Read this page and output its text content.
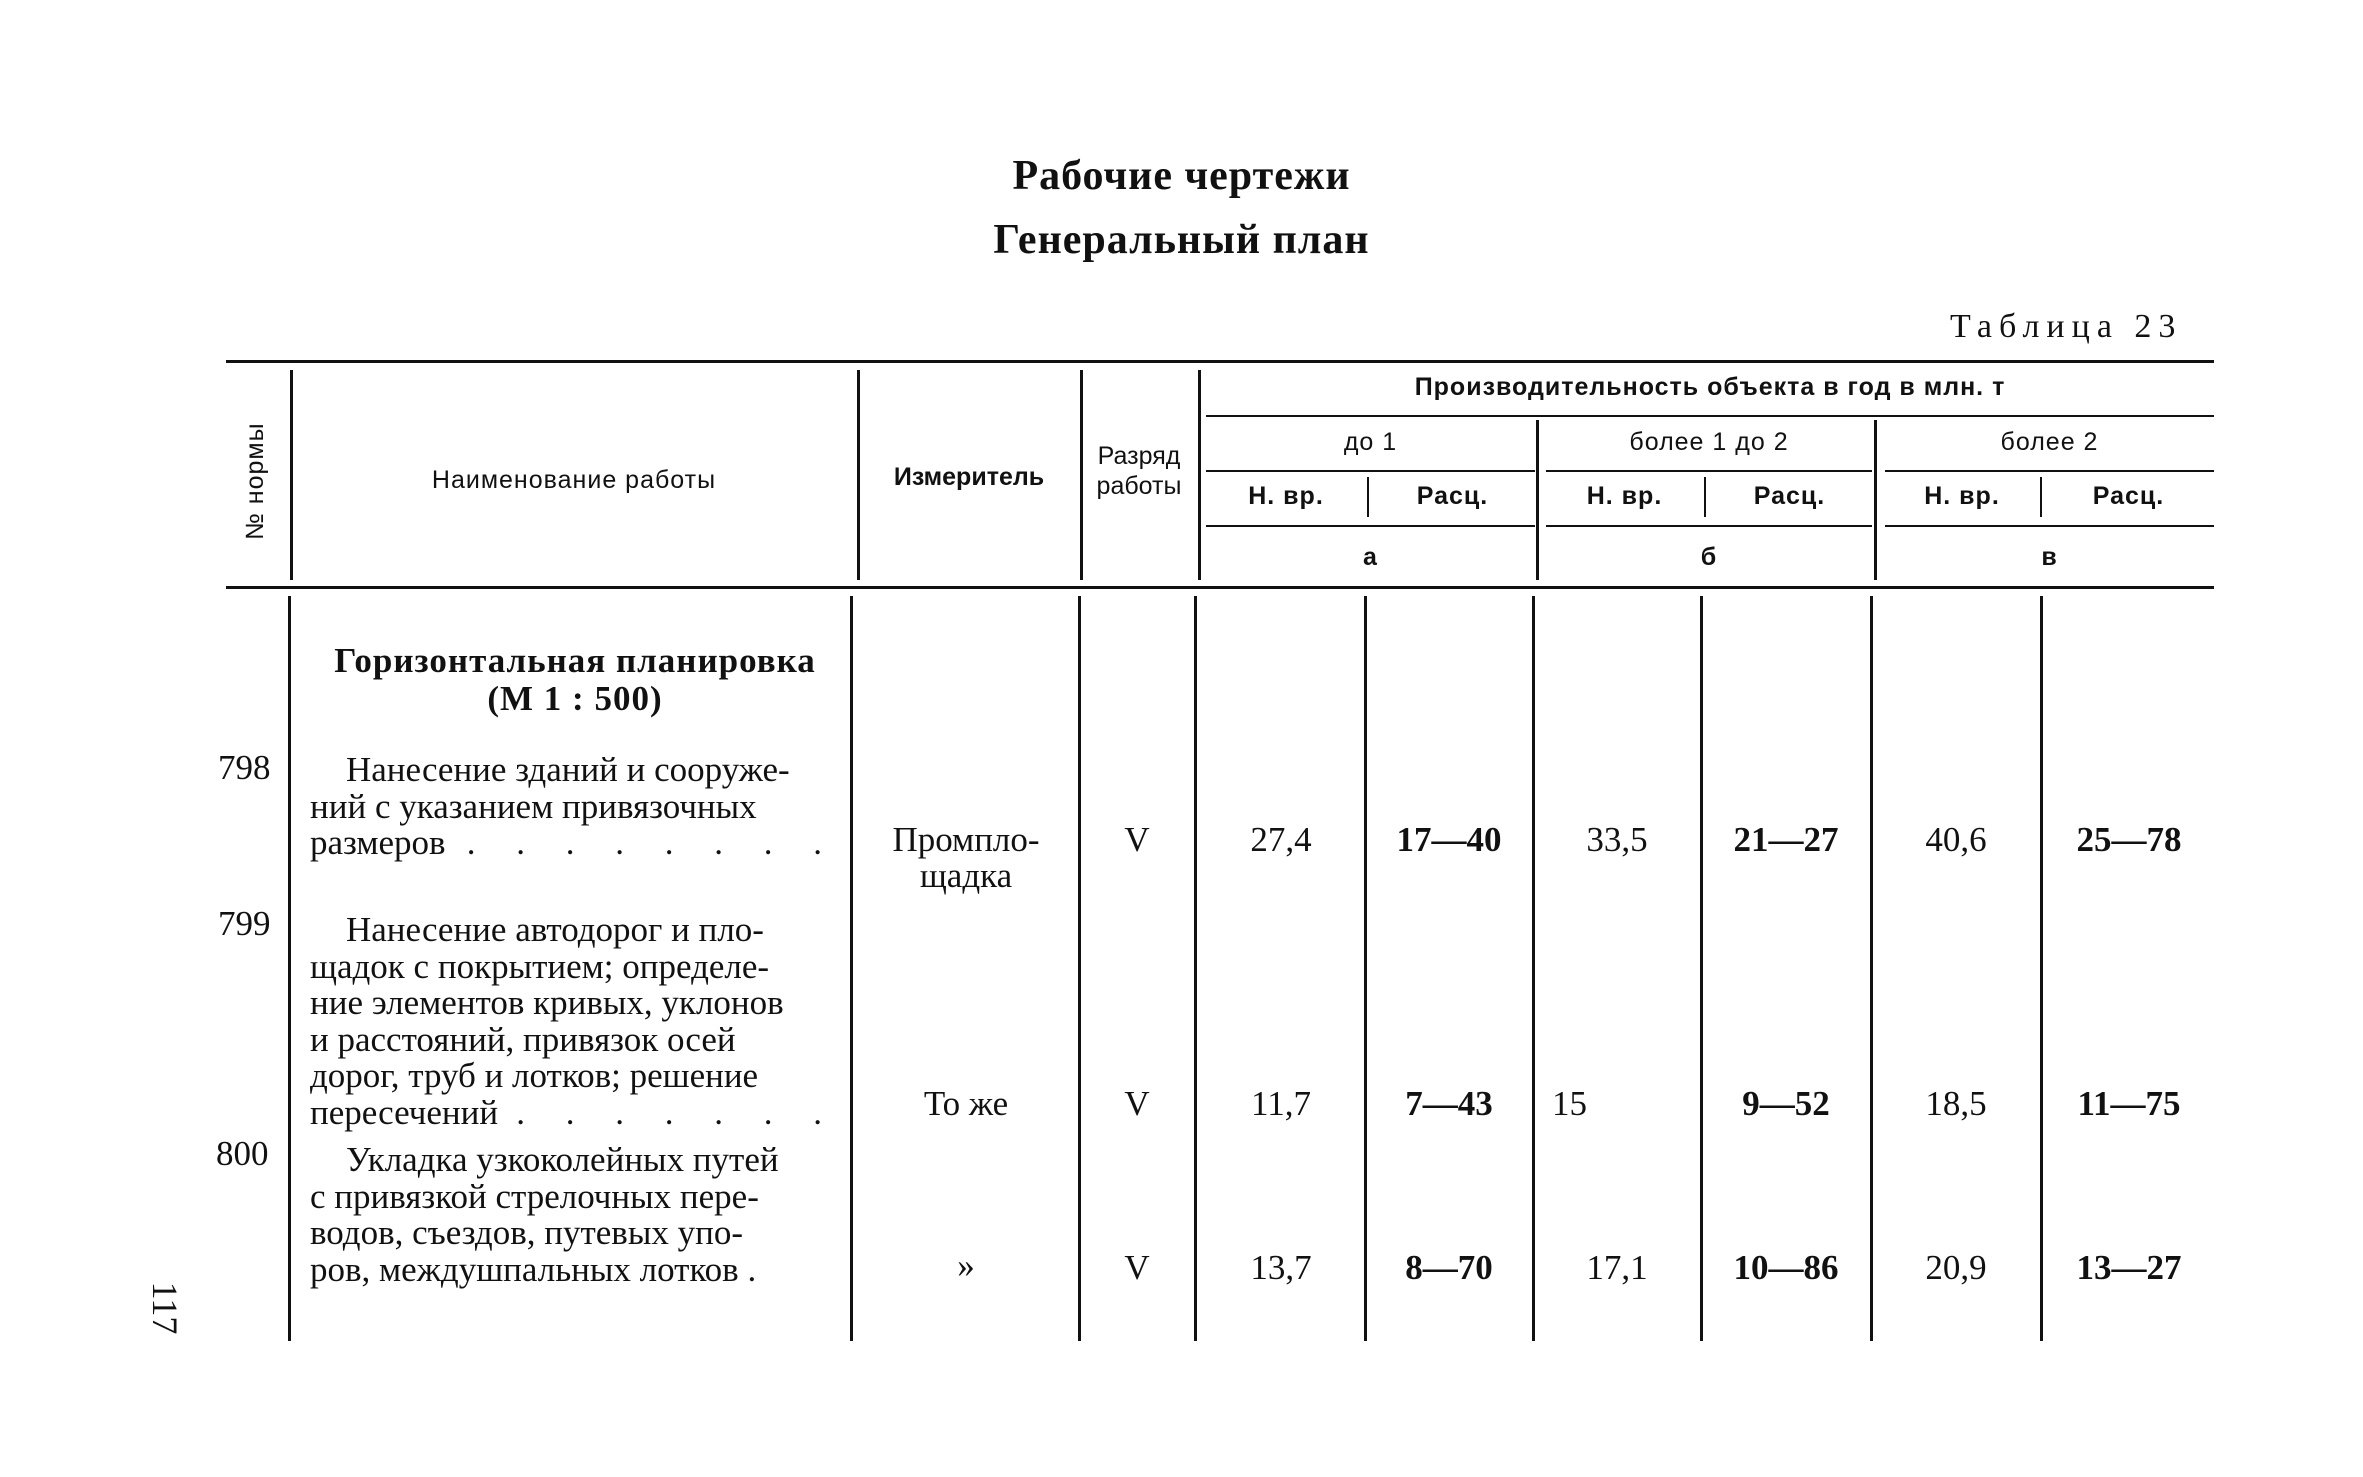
Рабочие чертежи
Генеральный план
Таблица 23
№ нормы	Наименование работы	Измеритель
Разряд
работы
Производительность объекта в год в млн. т
до 1	более 1 до 2	более 2
Н. вр.	Расц.	Н. вр.	Расц.	Н. вр.	Расц.
а	б	в
Горизонтальная планировка
(М 1 : 500)
798	Нанесение зданий и сооруже-
ний с указанием привязочных
размеров . . . . . . . .	Промпло-
щадка
V	27,4	17—40	33,5	21—27	40,6	25—78
799	Нанесение автодорог и пло-
щадок с покрытием; определе-
ние элементов кривых, уклонов
и расстояний, привязок осей
дорог, труб и лотков; решение
пересечений . . . . . . .	То же	V	11,7	7—43	15	9—52	18,5	11—75
800	Укладка узкоколейных путей
с привязкой стрелочных пере-
водов, съездов, путевых упо-
ров, междушпальных лотков .	»	V	13,7	8—70	17,1	10—86	20,9	13—27
117
